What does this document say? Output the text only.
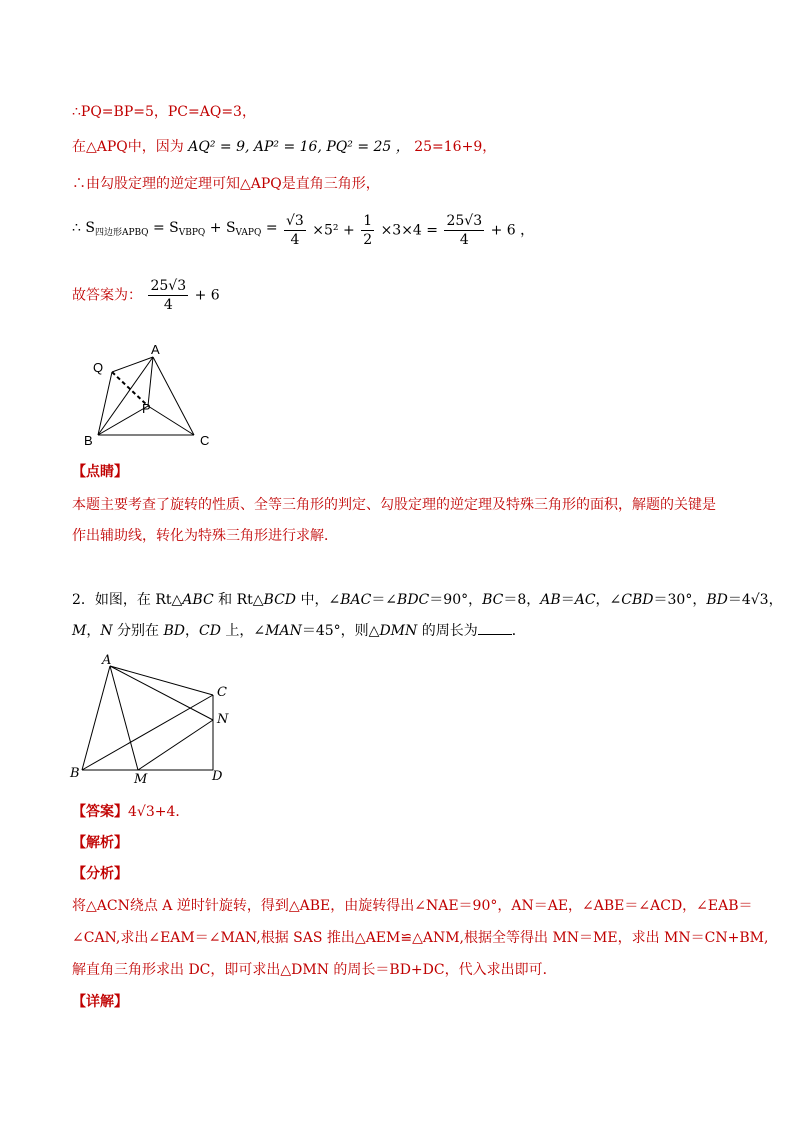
∴PQ=BP=5，PC=AQ=3，
在△APQ中，因为 AQ² = 9, AP² = 16, PQ² = 25 ， 25=16+9，
∴由勾股定理的逆定理可知△APQ是直角三角形，
∴ $S_{四边形APBQ} = S_{VBPQ} + S_{VAPQ} = \frac{√3}{4} \times 5^2 + \frac{1}{2} \times 3\times 4 = \frac{25√3}{4} + 6$ ，
故答案为： $\frac{25√3}{4} + 6$
Q
A
P
B	C
【点睛】
本题主要考查了旋转的性质、全等三角形的判定、勾股定理的逆定理及特殊三角形的面积，解题的关键是
作出辅助线，转化为特殊三角形进行求解．
2．如图，在 Rt△ABC 和 Rt△BCD 中，∠BAC＝∠BDC＝90°，BC＝8，AB＝AC，∠CBD＝30°，BD＝4√3，
M，N 分别在 BD，CD 上，∠MAN＝45°，则△DMN 的周长为 ．
A
C
N
B	M	D
【答案】4√3+4．
【解析】
【分析】
将△ACN绕点 A 逆时针旋转，得到△ABE，由旋转得出∠NAE＝90°，AN＝AE，∠ABE＝∠ACD，∠EAB＝
∠CAN,求出∠EAM＝∠MAN,根据 SAS 推出△AEM≌△ANM,根据全等得出 MN＝ME，求出 MN＝CN+BM,
解直角三角形求出 DC，即可求出△DMN 的周长＝BD+DC，代入求出即可．
【详解】
